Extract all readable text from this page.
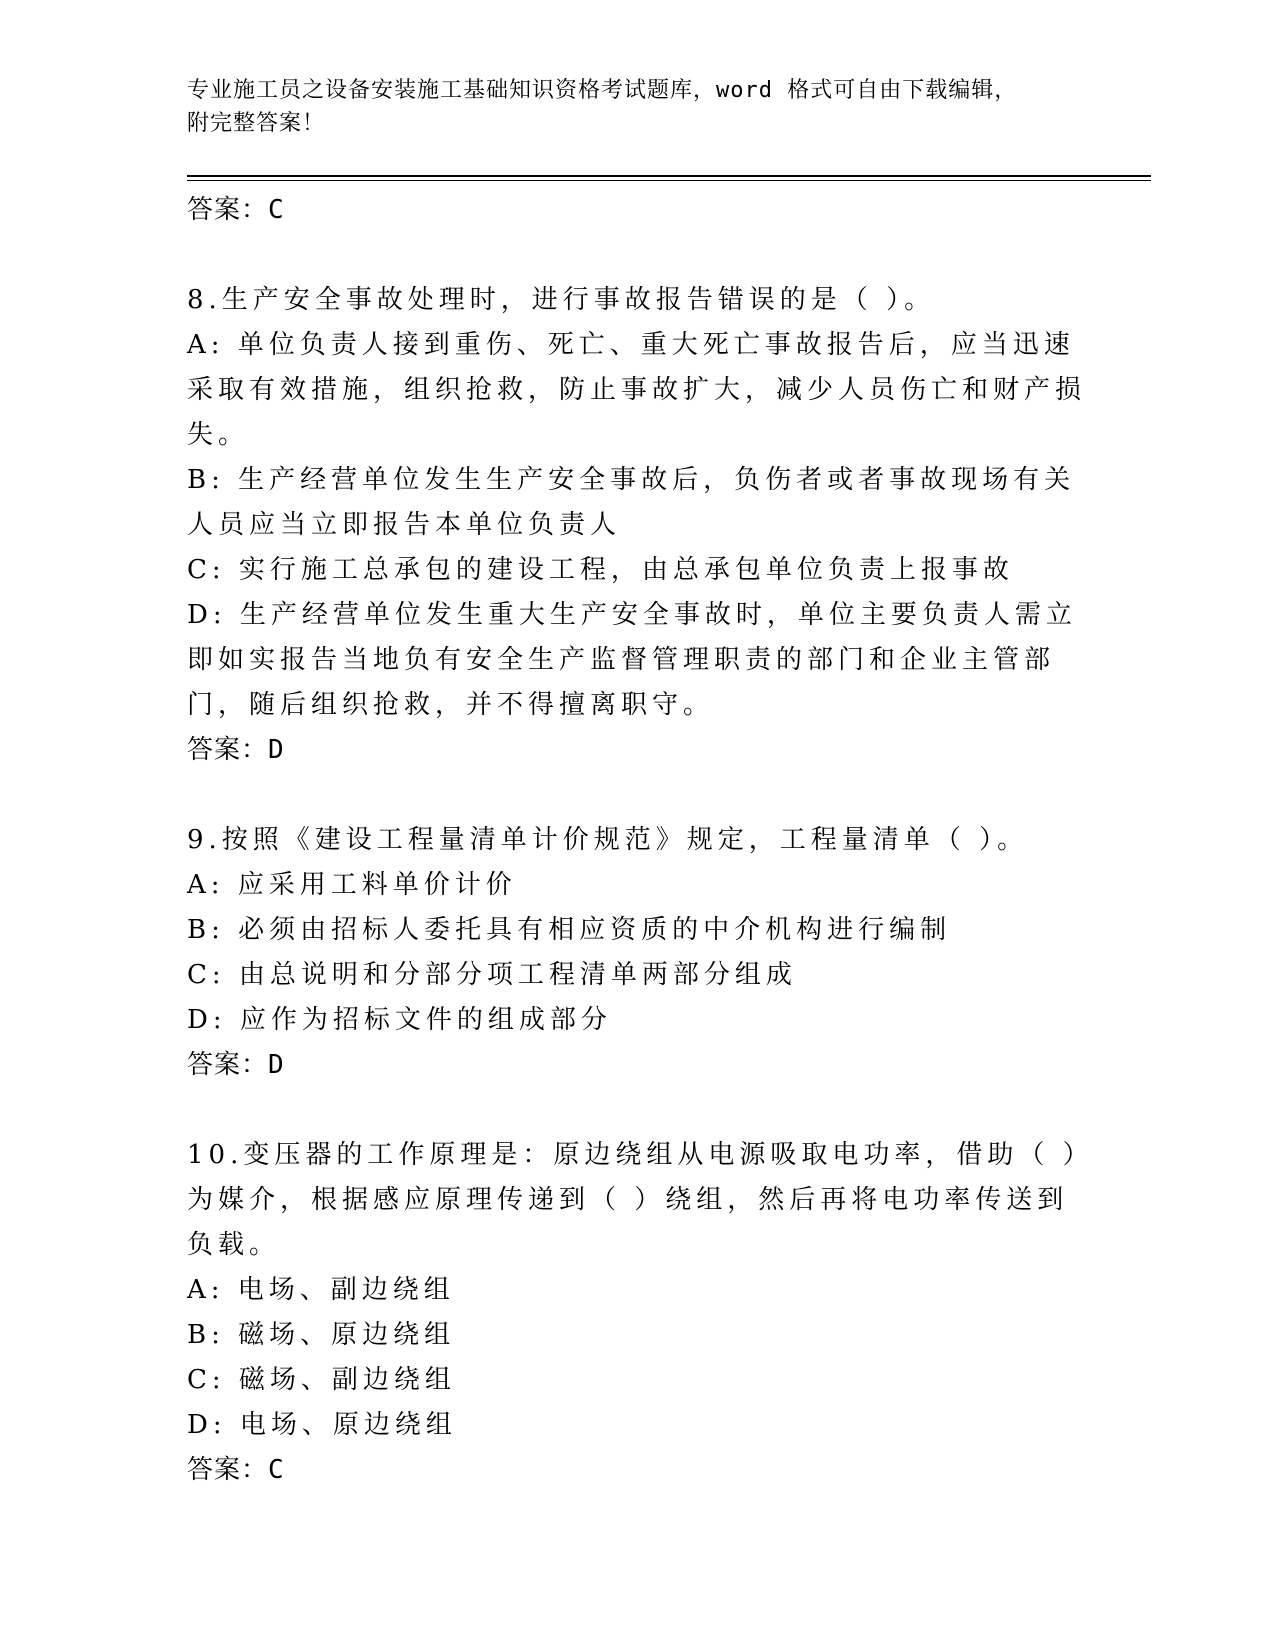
专业施工员之设备安装施工基础知识资格考试题库，word 格式可自由下载编辑，
附完整答案！
答案：C
8.生产安全事故处理时，进行事故报告错误的是（ ）。
A: 单位负责人接到重伤、死亡、重大死亡事故报告后，应当迅速采取有效措施，组织抢救，防止事故扩大，减少人员伤亡和财产损失。
B: 生产经营单位发生生产安全事故后，负伤者或者事故现场有关人员应当立即报告本单位负责人
C: 实行施工总承包的建设工程，由总承包单位负责上报事故
D: 生产经营单位发生重大生产安全事故时，单位主要负责人需立即如实报告当地负有安全生产监督管理职责的部门和企业主管部门，随后组织抢救，并不得擅离职守。
答案：D
9.按照《建设工程量清单计价规范》规定，工程量清单（ ）。
A: 应采用工料单价计价
B: 必须由招标人委托具有相应资质的中介机构进行编制
C: 由总说明和分部分项工程清单两部分组成
D: 应作为招标文件的组成部分
答案：D
10.变压器的工作原理是：原边绕组从电源吸取电功率，借助（ ）为媒介，根据感应原理传递到（ ）绕组，然后再将电功率传送到负载。
A: 电场、副边绕组
B: 磁场、原边绕组
C: 磁场、副边绕组
D: 电场、原边绕组
答案：C
